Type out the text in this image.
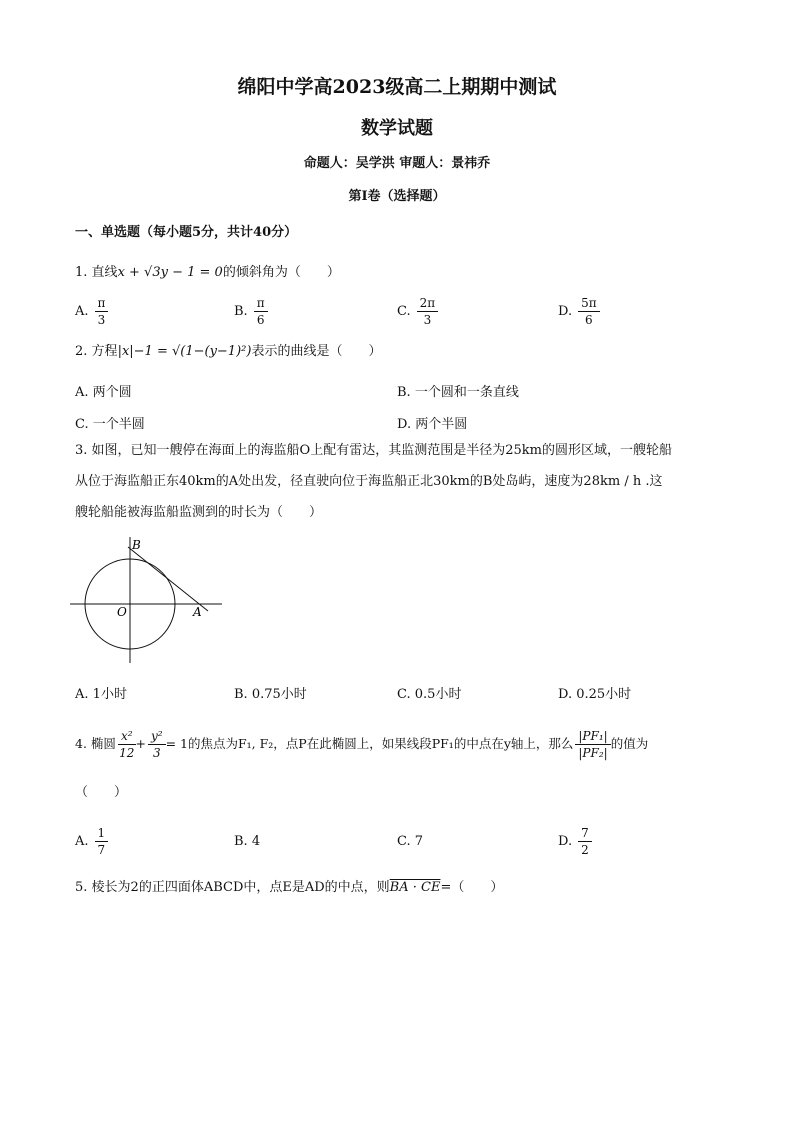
绵阳中学高2023级高二上期期中测试
数学试题
命题人：吴学洪 审题人：景祎乔
第Ⅰ卷（选择题）
一、单选题（每小题5分，共计40分）
1. 直线x + √3y − 1 = 0的倾斜角为（　　）
A. $\frac{\pi}{3}$	B. $\frac{\pi}{6}$	C. $\frac{2\pi}{3}$	D. $\frac{5\pi}{6}$
2. 方程|x|−1 = √(1−(y−1)²)表示的曲线是（　　）
A. 两个圆	B. 一个圆和一条直线
C. 一个半圆	D. 两个半圆
3. 如图，已知一艘停在海面上的海监船O上配有雷达，其监测范围是半径为25km的圆形区域，一艘轮船
从位于海监船正东40km的A处出发，径直驶向位于海监船正北30km的B处岛屿，速度为28km / h .这
艘轮船能被海监船监测到的时长为（　　）
B
O	A
A. 1小时	B. 0.75小时	C. 0.5小时	D. 0.25小时
4. 椭圆 $\frac{\text{x²}}{12} + \frac{\text{y²}}{3} = 1$的焦点为F₁, F₂，点P在此椭圆上，如果线段PF₁的中点在y轴上，那么 $\frac{\text{|PF₁|}}{\text{|PF₂|}}$ 的值为
（　　）
A. $\frac{1}{7}$	B. 4	C. 7	D. $\frac{7}{2}$
5. 棱长为2的正四面体ABCD中，点E是AD的中点，则BA · CE=（　　）
